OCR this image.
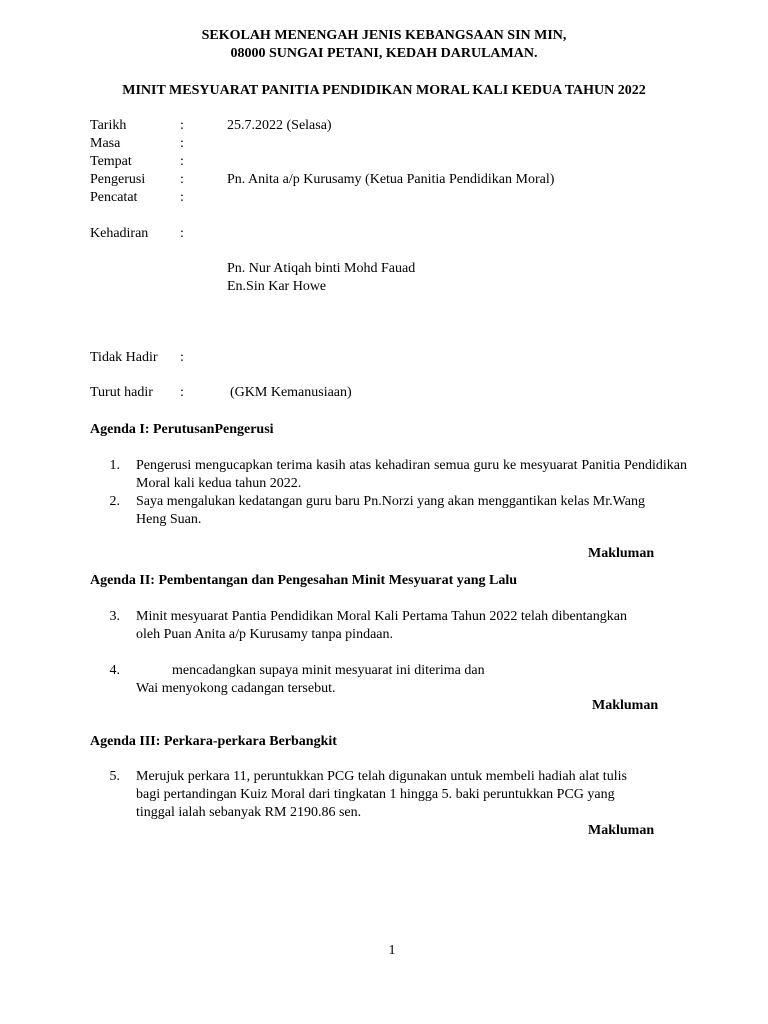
SEKOLAH MENENGAH JENIS KEBANGSAAN SIN MIN,
08000 SUNGAI PETANI, KEDAH DARULAMAN.
MINIT MESYUARAT PANITIA PENDIDIKAN MORAL KALI KEDUA TAHUN 2022
Tarikh	:	25.7.2022 (Selasa)
Masa	:
Tempat	:
Pengerusi :	Pn. Anita a/p Kurusamy (Ketua Panitia Pendidikan Moral)
Pencatat	:
Kehadiran :
Pn. Nur Atiqah binti Mohd Fauad
En.Sin Kar Howe
Tidak Hadir :
Turut hadir :	(GKM Kemanusiaan)
Agenda I: PerutusanPengerusi
1. Pengerusi mengucapkan terima kasih atas kehadiran semua guru ke mesyuarat Panitia Pendidikan Moral kali kedua tahun 2022.
2. Saya mengalukan kedatangan guru baru Pn.Norzi yang akan menggantikan kelas Mr.Wang
Heng Suan.
Makluman
Agenda II: Pembentangan dan Pengesahan Minit Mesyuarat yang Lalu
3. Minit mesyuarat Pantia Pendidikan Moral Kali Pertama Tahun 2022 telah dibentangkan
oleh Puan Anita a/p Kurusamy tanpa pindaan.
4.	mencadangkan supaya minit mesyuarat ini diterima dan
Wai menyokong cadangan tersebut.
Makluman
Agenda III: Perkara-perkara Berbangkit
5. Merujuk perkara 11, peruntukkan PCG telah digunakan untuk membeli hadiah alat tulis
bagi pertandingan Kuiz Moral dari tingkatan 1 hingga 5. baki peruntukkan PCG yang
tinggal ialah sebanyak RM 2190.86 sen.
Makluman
1
